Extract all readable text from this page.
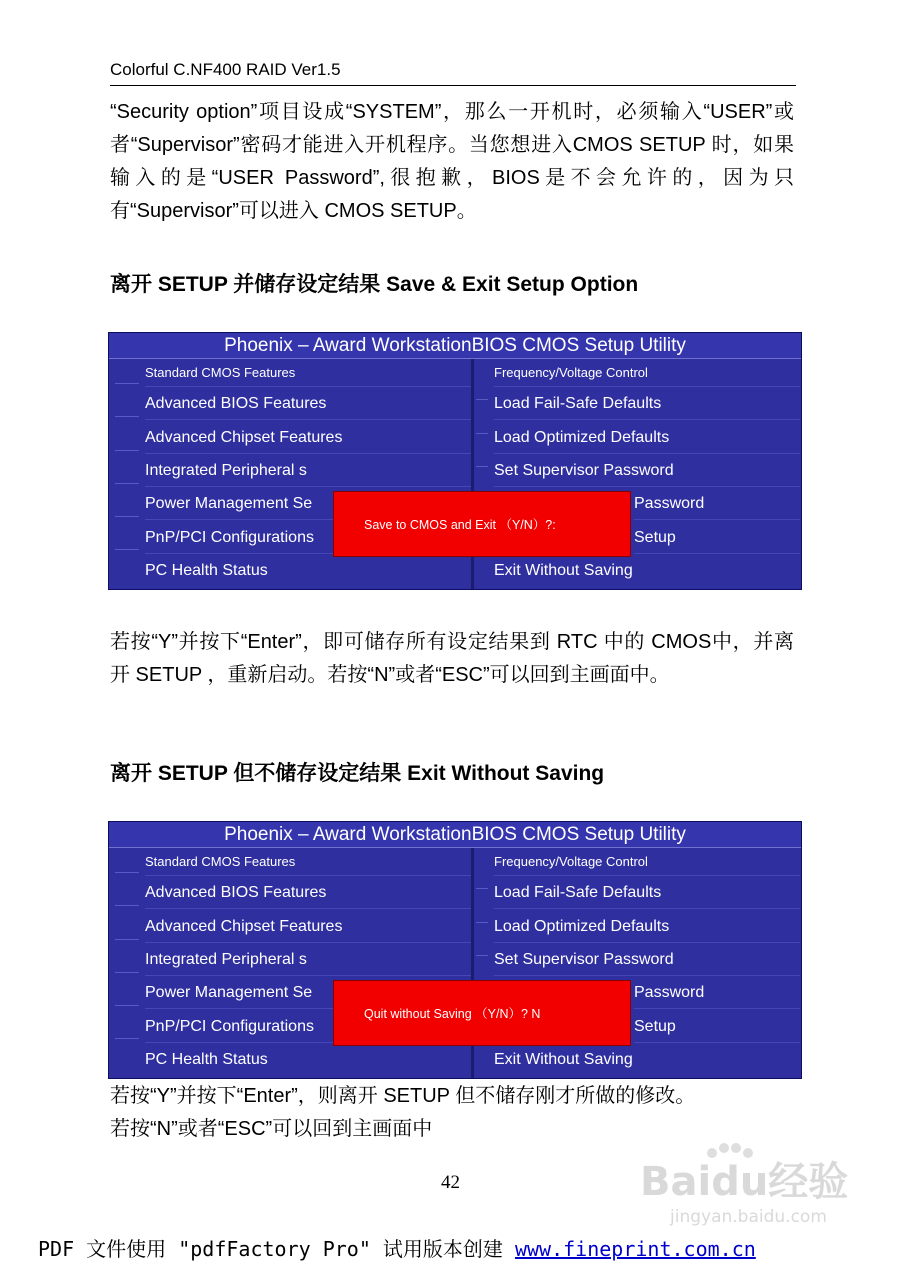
Colorful C.NF400 RAID Ver1.5
“Security option”项目设成“SYSTEM”，那么一开机时，必须输入“USER”或者“Supervisor”密码才能进入开机程序。当您想进入CMOS SETUP 时，如果输入的是“USER Password”,很抱歉，BIOS是不会允许的，因为只有“Supervisor”可以进入 CMOS SETUP。
离开 SETUP 并储存设定结果 Save & Exit Setup Option
Phoenix – Award WorkstationBIOS CMOS Setup Utility
Standard CMOS Features
Advanced BIOS Features
Advanced Chipset Features
Integrated Peripheral s
Power Management Se
PnP/PCI Configurations
PC Health Status
Frequency/Voltage Control
Load Fail-Safe Defaults
Load Optimized Defaults
Set Supervisor Password
Password
Setup
Exit Without Saving
Save to CMOS and Exit （Y/N）?:
若按“Y”并按下“Enter”，即可储存所有设定结果到 RTC 中的 CMOS中，并离开 SETUP ，重新启动。若按“N”或者“ESC”可以回到主画面中。
离开 SETUP 但不储存设定结果 Exit Without Saving
Phoenix – Award WorkstationBIOS CMOS Setup Utility
Standard CMOS Features
Advanced BIOS Features
Advanced Chipset Features
Integrated Peripheral s
Power Management Se
PnP/PCI Configurations
PC Health Status
Frequency/Voltage Control
Load Fail-Safe Defaults
Load Optimized Defaults
Set Supervisor Password
Password
Setup
Exit Without Saving
Quit without Saving （Y/N）? N
若按“Y”并按下“Enter”，则离开 SETUP 但不储存刚才所做的修改。
若按“N”或者“ESC”可以回到主画面中
Baidu经验
jingyan.baidu.com
42
PDF 文件使用 "pdfFactory Pro" 试用版本创建 www.fineprint.com.cn
